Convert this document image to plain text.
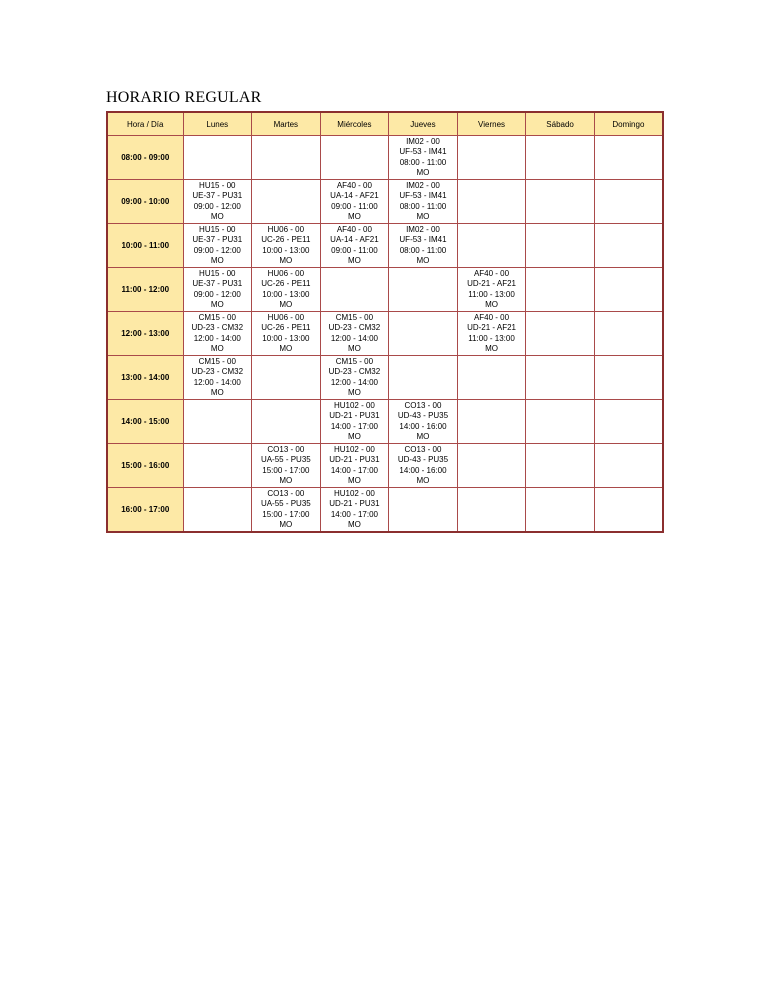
HORARIO REGULAR
Hora / Día	Lunes	Martes	Miércoles	Jueves	Viernes	Sábado	Domingo
08:00 - 09:00				IM02 - 00
UF-53 - IM41
08:00 - 11:00
MO			

09:00 - 10:00	HU15 - 00
UE-37 - PU31
09:00 - 12:00
MO		AF40 - 00
UA-14 - AF21
09:00 - 11:00
MO	IM02 - 00
UF-53 - IM41
08:00 - 11:00
MO			

10:00 - 11:00	HU15 - 00
UE-37 - PU31
09:00 - 12:00
MO	HU06 - 00
UC-26 - PE11
10:00 - 13:00
MO	AF40 - 00
UA-14 - AF21
09:00 - 11:00
MO	IM02 - 00
UF-53 - IM41
08:00 - 11:00
MO			

11:00 - 12:00	HU15 - 00
UE-37 - PU31
09:00 - 12:00
MO	HU06 - 00
UC-26 - PE11
10:00 - 13:00
MO			AF40 - 00
UD-21 - AF21
11:00 - 13:00
MO		

12:00 - 13:00	CM15 - 00
UD-23 - CM32
12:00 - 14:00
MO	HU06 - 00
UC-26 - PE11
10:00 - 13:00
MO	CM15 - 00
UD-23 - CM32
12:00 - 14:00
MO		AF40 - 00
UD-21 - AF21
11:00 - 13:00
MO		

13:00 - 14:00	CM15 - 00
UD-23 - CM32
12:00 - 14:00
MO		CM15 - 00
UD-23 - CM32
12:00 - 14:00
MO				

14:00 - 15:00			HU102 - 00
UD-21 - PU31
14:00 - 17:00
MO	CO13 - 00
UD-43 - PU35
14:00 - 16:00
MO			

15:00 - 16:00		CO13 - 00
UA-55 - PU35
15:00 - 17:00
MO	HU102 - 00
UD-21 - PU31
14:00 - 17:00
MO	CO13 - 00
UD-43 - PU35
14:00 - 16:00
MO			

16:00 - 17:00		CO13 - 00
UA-55 - PU35
15:00 - 17:00
MO	HU102 - 00
UD-21 - PU31
14:00 - 17:00
MO				
